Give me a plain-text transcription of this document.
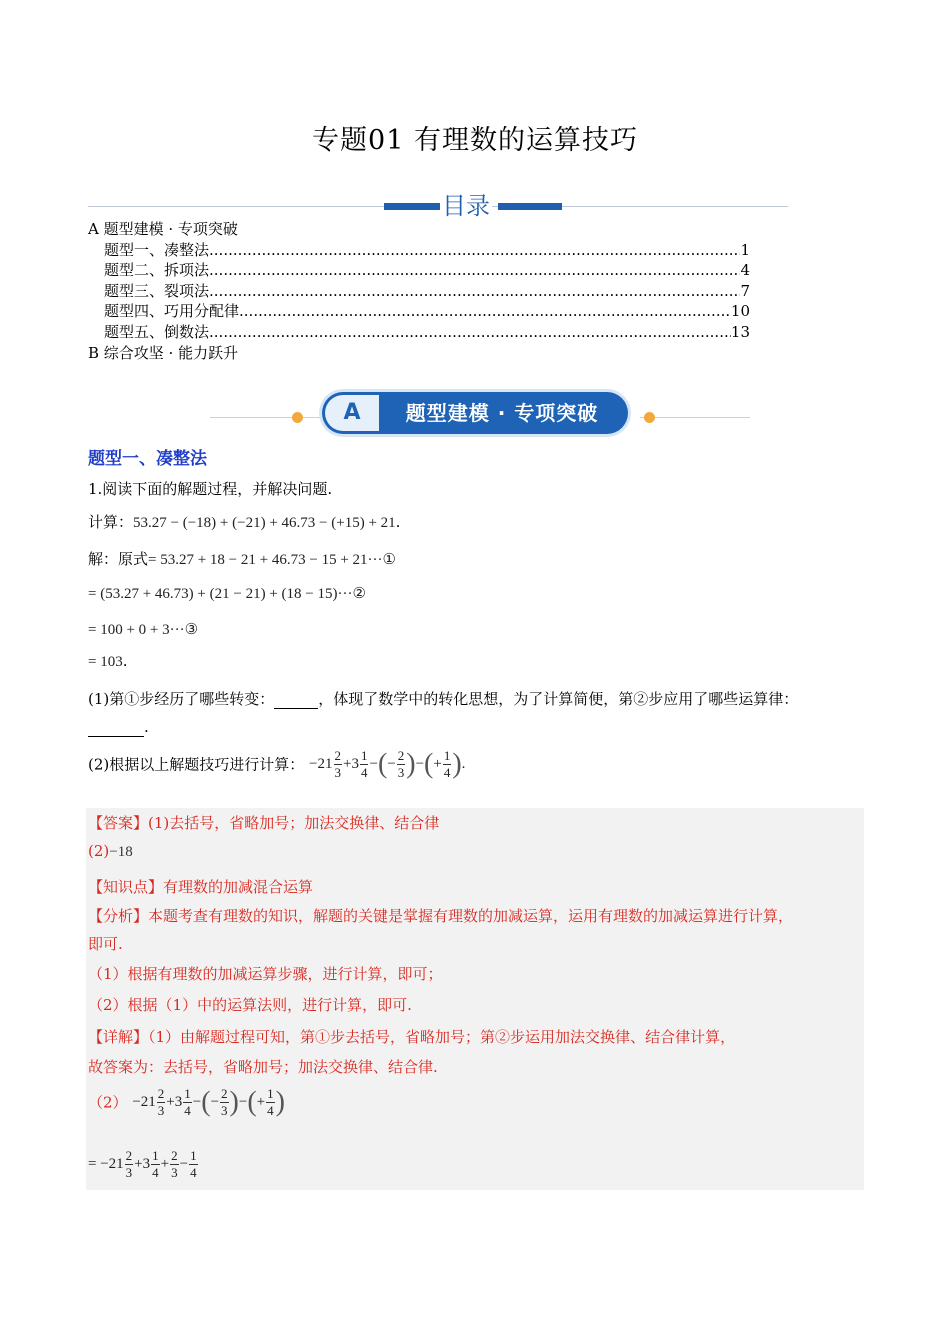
专题01 有理数的运算技巧
目录
A 题型建模 · 专项突破
题型一、凑整法 .....	1
题型二、拆项法 .....	4
题型三、裂项法 .....	7
题型四、巧用分配律 .....	10
题型五、倒数法 .....	13
B 综合攻坚 · 能力跃升
A	题型建模 · 专项突破
题型一、凑整法
1.阅读下面的解题过程，并解决问题.
计算：53.27 − (−18) + (−21) + 46.73 − (+15) + 21.
解：原式= 53.27 + 18 − 21 + 46.73 − 15 + 21···①
= (53.27 + 46.73) + (21 − 21) + (18 − 15)···②
= 100 + 0 + 3···③
= 103.
(1)第①步经历了哪些转变：	，体现了数学中的转化思想，为了计算简便，第②步应用了哪些运算律：
.
(2)根据以上解题技巧进行计算： $-21 \frac{2}{3} +3 \frac{1}{4}$ −(− $\frac{2}{3}$ )−(+ $\frac{1}{4}$ ).
【答案】(1)去括号，省略加号；加法交换律、结合律
(2)−18
【知识点】有理数的加减混合运算
【分析】本题考查有理数的知识，解题的关键是掌握有理数的加减运算，运用有理数的加减运算进行计算，
即可.
（1）根据有理数的加减运算步骤，进行计算，即可；
（2）根据（1）中的运算法则，进行计算，即可.
【详解】（1）由解题过程可知，第①步去括号，省略加号；第②步运用加法交换律、结合律计算，
故答案为：去括号，省略加号；加法交换律、结合律.
$(2) -21 \frac{2}{3} +3 \frac{1}{4}$ −(− $\frac{2}{3}$ )−(+ $\frac{1}{4}$ )
= $-21 \frac{2}{3} +3 \frac{1}{4} + \frac{2}{3} - \frac{1}{4}$
